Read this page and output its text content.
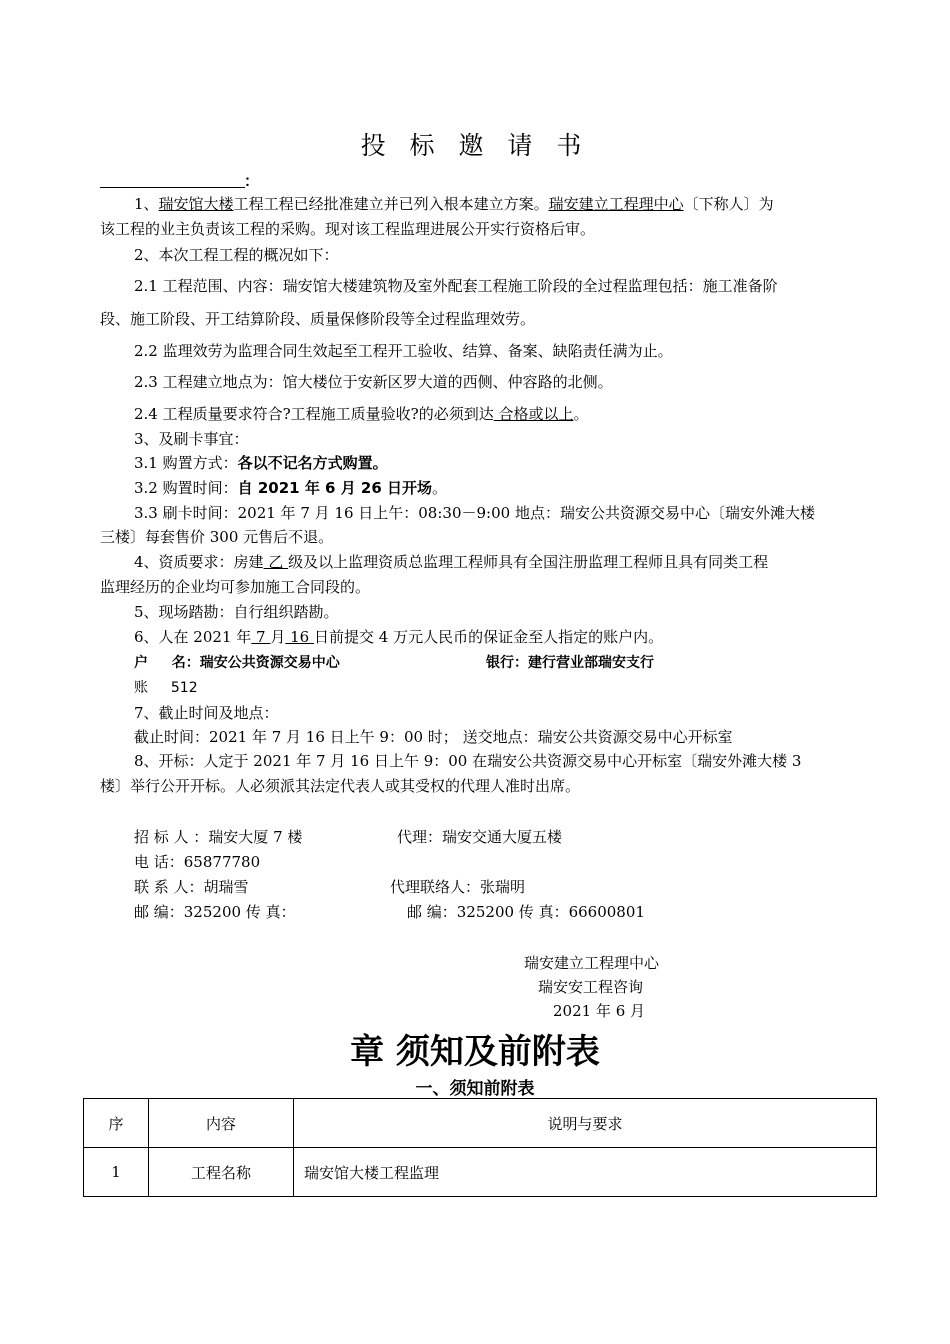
投 标 邀 请 书
：
1、瑞安馆大楼工程工程已经批准建立并已列入根本建立方案。瑞安建立工程理中心〔下称人〕为
该工程的业主负责该工程的采购。现对该工程监理进展公开实行资格后审。
2、本次工程工程的概况如下：
2.1 工程范围、内容：瑞安馆大楼建筑物及室外配套工程施工阶段的全过程监理包括：施工准备阶
段、施工阶段、开工结算阶段、质量保修阶段等全过程监理效劳。
2.2 监理效劳为监理合同生效起至工程开工验收、结算、备案、缺陷责任满为止。
2.3 工程建立地点为：馆大楼位于安新区罗大道的西侧、仲容路的北侧。
2.4 工程质量要求符合?工程施工质量验收?的必须到达 合格或以上。
3、及刷卡事宜：
3.1 购置方式：各以不记名方式购置。
3.2 购置时间：自 2021 年 6 月 26 日开场。
3.3 刷卡时间：2021 年 7 月 16 日上午：08:30－9:00 地点：瑞安公共资源交易中心〔瑞安外滩大楼
三楼〕每套售价 300 元售后不退。
4、资质要求：房建 乙 级及以上监理资质总监理工程师具有全国注册监理工程师且具有同类工程
监理经历的企业均可参加施工合同段的。
5、现场踏勘：自行组织踏勘。
6、人在 2021 年 7 月 16 日前提交 4 万元人民币的保证金至人指定的账户内。
户 　 名：瑞安公共资源交易中心	银行：建行营业部瑞安支行
账 　 512
7、截止时间及地点：
截止时间：2021 年 7 月 16 日上午 9：00 时； 送交地点：瑞安公共资源交易中心开标室
8、开标：人定于 2021 年 7 月 16 日上午 9：00 在瑞安公共资源交易中心开标室〔瑞安外滩大楼 3
楼〕举行公开开标。人必须派其法定代表人或其受权的代理人准时出席。
招 标 人 ：瑞安大厦 7 楼	代理：瑞安交通大厦五楼
电 话：65877780
联 系 人：胡瑞雪	代理联络人：张瑞明
邮 编：325200 传 真：	邮 编：325200 传 真：66600801
瑞安建立工程理中心
瑞安安工程咨询
2021 年 6 月
章 须知及前附表
一、须知前附表
序	内容	说明与要求
1	工程名称	瑞安馆大楼工程监理
